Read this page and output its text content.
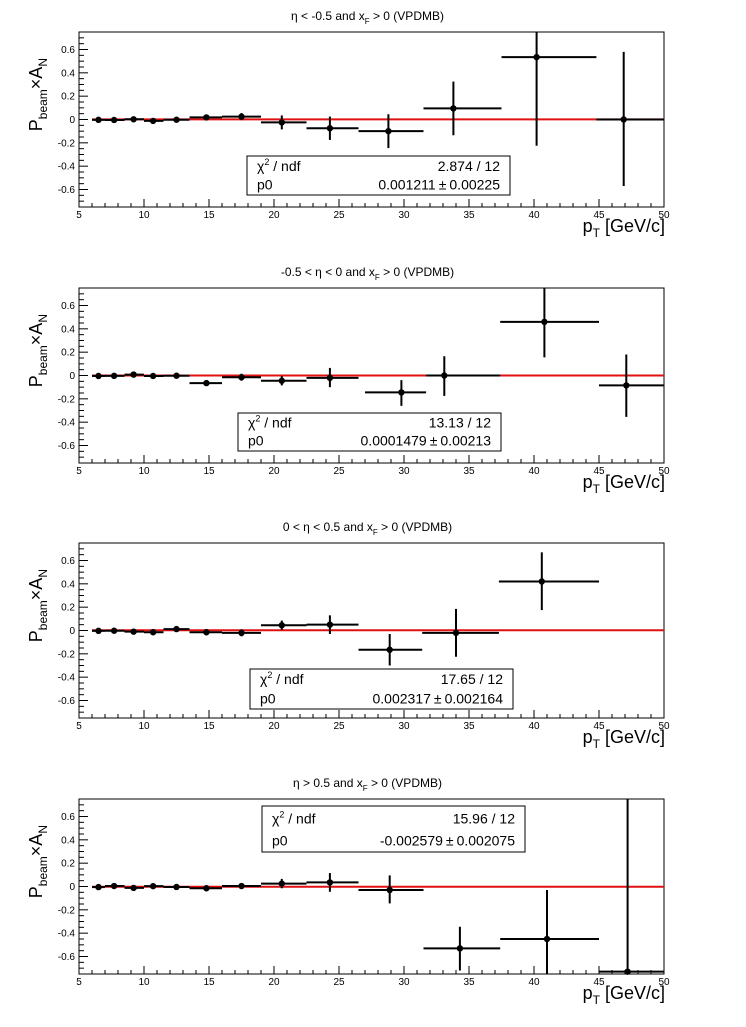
η < -0.5 and $x_F > 0$ (VPDMB)
5	10	15	20	25	30	35	40	45	50
-0.6
-0.4
-0.2
0
0.2
0.4
0.6
$p_T$ [GeV/c]
$P_{beam}\times A_N$
$\chi^2$ / ndf	2.874 / 12
p0	0.001211 ± 0.00225
-0.5 < η < 0 and $x_F > 0$ (VPDMB)
5	10	15	20	25	30	35	40	45	50
-0.6
-0.4
-0.2
0
0.2
0.4
0.6
$p_T$ [GeV/c]
$P_{beam}\times A_N$
$\chi^2$ / ndf	13.13 / 12
p0	0.0001479 ± 0.00213
0 < η < 0.5 and $x_F > 0$ (VPDMB)
5	10	15	20	25	30	35	40	45	50
-0.6
-0.4
-0.2
0
0.2
0.4
0.6
$p_T$ [GeV/c]
$P_{beam}\times A_N$
$\chi^2$ / ndf	17.65 / 12
p0	0.002317 ± 0.002164
η > 0.5 and $x_F > 0$ (VPDMB)
5	10	15	20	25	30	35	40	45	50
-0.6
-0.4
-0.2
0
0.2
0.4
0.6
$p_T$ [GeV/c]
$P_{beam}\times A_N$
$\chi^2$ / ndf	15.96 / 12
p0	-0.002579 ± 0.002075
